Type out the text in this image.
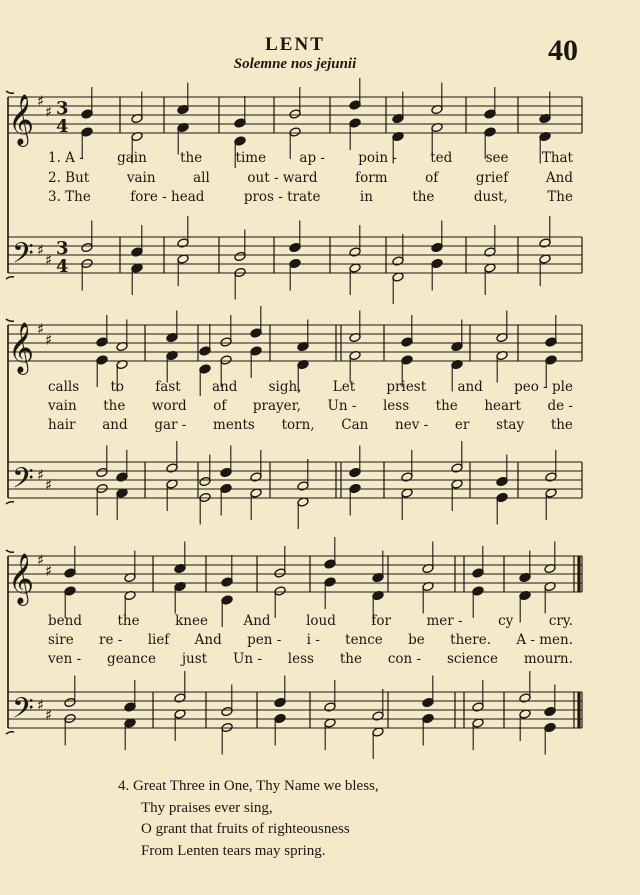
LENT
Solemne nos jejunii	40
𝄞
𝄢
♯
♯
♯
♯
3
4
3
4
𝄞
𝄢
♯
♯
♯
♯
𝄞
𝄢
♯
♯
♯
♯
1. A - gain the time ap - poin - ted see That
2. But	vain	all	out - ward	form	of	grief	And
3. The	fore - head	pros - trate	in	the	dust,	The
calls to fast and sigh, Let priest and peo - ple
vain the word of prayer, Un - less the heart de -
hair and gar - ments torn, Can nev - er stay the
bend	the	knee	And	loud	for	mer -	cy	cry.
sire re - lief And pen - i - tence be there. A - men.
ven - geance just Un - less the con - science mourn.
4. Great Three in One, Thy Name we bless,
Thy praises ever sing,
O grant that fruits of righteousness
From Lenten tears may spring.
